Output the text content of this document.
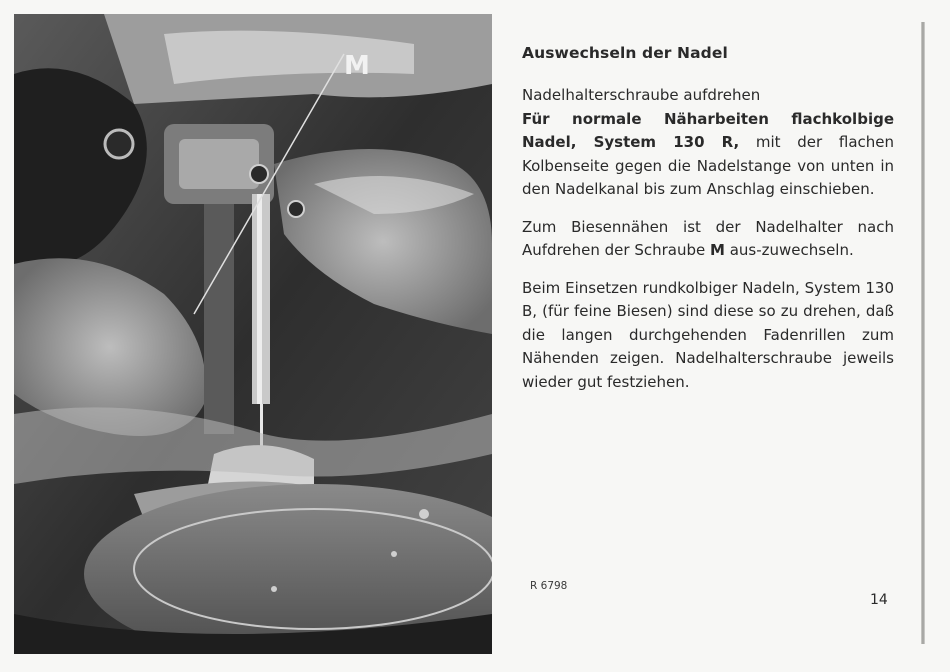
M	Auswechseln der Nadel

Nadelhalterschraube aufdrehen
Für normale Näharbeiten flachkolbige Nadel, System 130 R, mit der flachen Kolbenseite gegen die Nadelstange von unten in den Nadelkanal bis zum Anschlag einschieben.

Zum Biesennähen ist der Nadelhalter nach Aufdrehen der Schraube M aus-zuwechseln.

Beim Einsetzen rundkolbiger Nadeln, System 130 B, (für feine Biesen) sind diese so zu drehen, daß die langen durchgehenden Fadenrillen zum Nähenden zeigen. Nadelhalterschraube jeweils wieder gut festziehen.

R 6798
14
